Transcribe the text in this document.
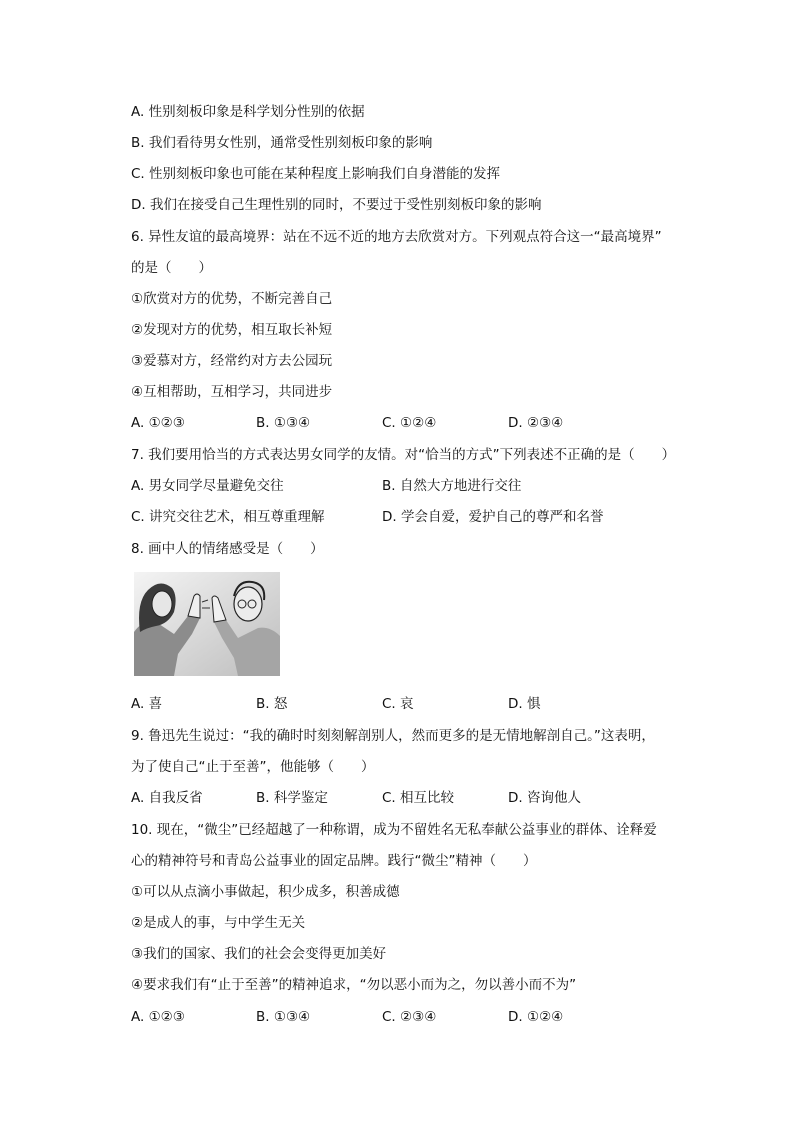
A. 性别刻板印象是科学划分性别的依据
B. 我们看待男女性别，通常受性别刻板印象的影响
C. 性别刻板印象也可能在某种程度上影响我们自身潜能的发挥
D. 我们在接受自己生理性别的同时，不要过于受性别刻板印象的影响
6. 异性友谊的最高境界：站在不远不近的地方去欣赏对方。下列观点符合这一“最高境界”
的是（　　）
①欣赏对方的优势，不断完善自己
②发现对方的优势，相互取长补短
③爱慕对方，经常约对方去公园玩
④互相帮助，互相学习，共同进步
A. ①②③	B. ①③④	C. ①②④	D. ②③④
7. 我们要用恰当的方式表达男女同学的友情。对“恰当的方式”下列表述不正确的是（　　）
A. 男女同学尽量避免交往	B. 自然大方地进行交往
C. 讲究交往艺术，相互尊重理解	D. 学会自爱，爱护自己的尊严和名誉
8. 画中人的情绪感受是（　　）
A. 喜	B. 怒	C. 哀	D. 惧
9. 鲁迅先生说过：“我的确时时刻刻解剖别人，然而更多的是无情地解剖自己。”这表明，
为了使自己“止于至善”，他能够（　　）
A. 自我反省	B. 科学鉴定	C. 相互比较	D. 咨询他人
10. 现在，“微尘”已经超越了一种称谓，成为不留姓名无私奉献公益事业的群体、诠释爱
心的精神符号和青岛公益事业的固定品牌。践行“微尘”精神（　　）
①可以从点滴小事做起，积少成多，积善成德
②是成人的事，与中学生无关
③我们的国家、我们的社会会变得更加美好
④要求我们有“止于至善”的精神追求，“勿以恶小而为之，勿以善小而不为”
A. ①②③	B. ①③④	C. ②③④	D. ①②④
